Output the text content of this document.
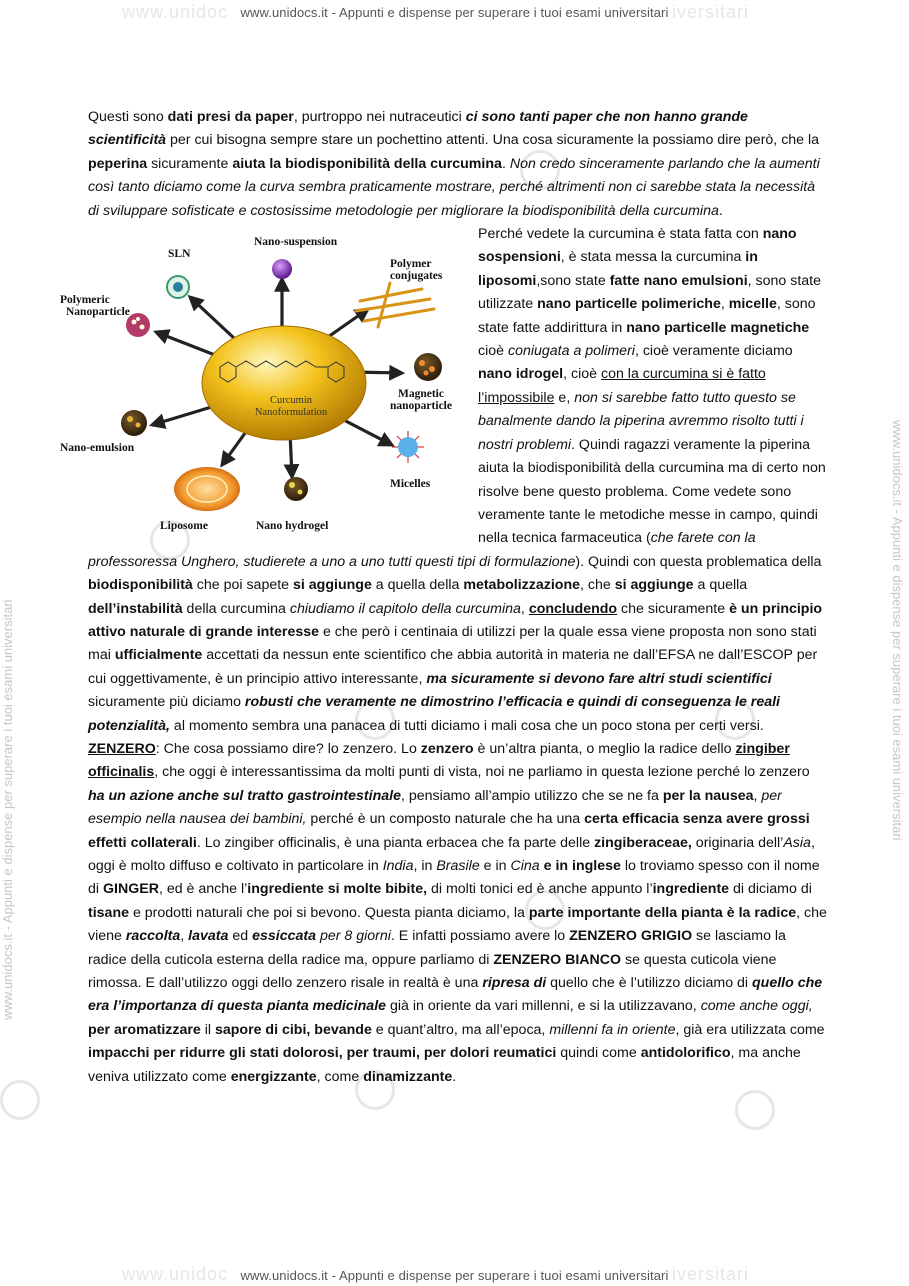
www.unidoc	iversitari
www.unidocs.it - Appunti e dispense per superare i tuoi esami universitari
www.unidoc	iversitari
www.unidocs.it - Appunti e dispense per superare i tuoi esami universitari
www.unidocs.it - Appunti e dispense per superare i tuoi esami universitari	www.unidocs.it - Appunti e dispense per superare i tuoi esami universitari

Questi sono dati presi da paper, purtroppo nei nutraceutici ci sono tanti paper che non hanno grande scientificità per cui bisogna sempre stare un pochettino attenti. Una cosa sicuramente la possiamo dire però, che la peperina sicuramente aiuta la biodisponibilità della curcumina. Non credo sinceramente parlando che la aumenti così tanto diciamo come la curva sembra praticamente mostrare, perché altrimenti non ci sarebbe stata la necessità di sviluppare sofisticate e costosissime metodologie per migliorare la biodisponibilità della curcumina.

Curcumin
Nanoformulation
SLN
Nano-suspension
Polymer
conjugates
Polymeric
Nanoparticle
Magnetic
nanoparticle
Nano-emulsion
Micelles
Liposome	Nano hydrogel

Perché vedete la curcumina è stata fatta con nano sospensioni, è stata messa la curcumina in liposomi,sono state fatte nano emulsioni, sono state utilizzate nano particelle polimeriche, micelle, sono state fatte addirittura in nano particelle magnetiche cioè coniugata a polimeri, cioè veramente diciamo nano idrogel, cioè con la curcumina si è fatto l’impossibile e, non si sarebbe fatto tutto questo se banalmente dando la piperina avremmo risolto tutti i nostri problemi. Quindi ragazzi veramente la piperina aiuta la biodisponibilità della curcumina ma di certo non risolve bene questo problema. Come vedete sono veramente tante le metodiche messe in campo, quindi nella tecnica farmaceutica (che farete con la professoressa Unghero, studierete a uno a uno tutti questi tipi di formulazione). Quindi con questa problematica della biodisponibilità che poi sapete si aggiunge a quella della metabolizzazione, che si aggiunge a quella dell’instabilità della curcumina chiudiamo il capitolo della curcumina, concludendo che sicuramente è un principio attivo naturale di grande interesse e che però i centinaia di utilizzi per la quale essa viene proposta non sono stati mai ufficialmente accettati da nessun ente scientifico che abbia autorità in materia ne dall’EFSA ne dall’ESCOP per cui oggettivamente, è un principio attivo interessante, ma sicuramente si devono fare altri studi scientifici sicuramente più diciamo robusti che veramente ne dimostrino l’efficacia e quindi di conseguenza le reali potenzialità, al momento sembra una panacea di tutti diciamo i mali cosa che un poco stona per certi versi.

ZENZERO: Che cosa possiamo dire? lo zenzero. Lo zenzero è un’altra pianta, o meglio la radice dello zingiber officinalis, che oggi è interessantissima da molti punti di vista, noi ne parliamo in questa lezione perché lo zenzero ha un azione anche sul tratto gastrointestinale, pensiamo all’ampio utilizzo che se ne fa per la nausea, per esempio nella nausea dei bambini, perché è un composto naturale che ha una certa efficacia senza avere grossi effetti collaterali. Lo zingiber officinalis, è una pianta erbacea che fa parte delle zingiberaceae, originaria dell’Asia, oggi è molto diffuso e coltivato in particolare in India, in Brasile e in Cina e in inglese lo troviamo spesso con il nome di GINGER, ed è anche l’ingrediente si molte bibite, di molti tonici ed è anche appunto l’ingrediente di diciamo di tisane e prodotti naturali che poi si bevono. Questa pianta diciamo, la parte importante della pianta è la radice, che viene raccolta, lavata ed essiccata per 8 giorni. E infatti possiamo avere lo ZENZERO GRIGIO se lasciamo la radice della cuticola esterna della radice ma, oppure parliamo di ZENZERO BIANCO se questa cuticola viene rimossa. E dall’utilizzo oggi dello zenzero risale in realtà è una ripresa di quello che è l’utilizzo diciamo di quello che era l’importanza di questa pianta medicinale già in oriente da vari millenni, e si la utilizzavano, come anche oggi, per aromatizzare il sapore di cibi, bevande e quant’altro, ma all’epoca, millenni fa in oriente, già era utilizzata come impacchi per ridurre gli stati dolorosi, per traumi, per dolori reumatici quindi come antidolorifico, ma anche veniva utilizzato come energizzante, come dinamizzante.
